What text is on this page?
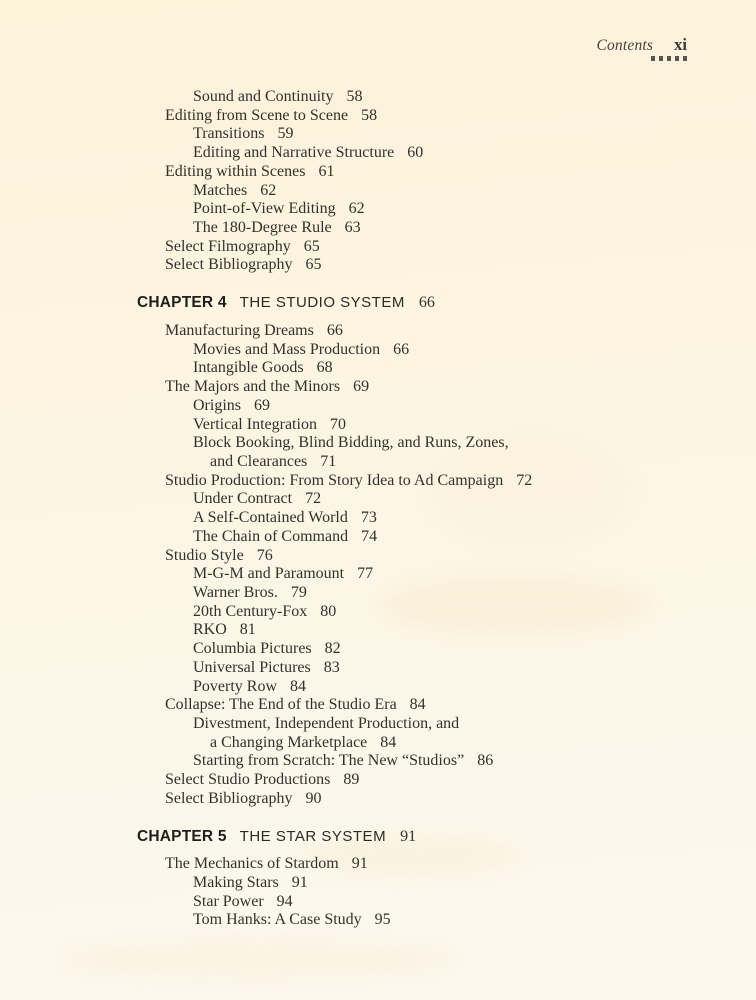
Contents xi
Sound and Continuity 58
Editing from Scene to Scene 58
Transitions 59
Editing and Narrative Structure 60
Editing within Scenes 61
Matches 62
Point-of-View Editing 62
The 180-Degree Rule 63
Select Filmography 65
Select Bibliography 65
CHAPTER 4 THE STUDIO SYSTEM 66
Manufacturing Dreams 66
Movies and Mass Production 66
Intangible Goods 68
The Majors and the Minors 69
Origins 69
Vertical Integration 70
Block Booking, Blind Bidding, and Runs, Zones,
and Clearances 71
Studio Production: From Story Idea to Ad Campaign 72
Under Contract 72
A Self-Contained World 73
The Chain of Command 74
Studio Style 76
M-G-M and Paramount 77
Warner Bros. 79
20th Century-Fox 80
RKO 81
Columbia Pictures 82
Universal Pictures 83
Poverty Row 84
Collapse: The End of the Studio Era 84
Divestment, Independent Production, and
a Changing Marketplace 84
Starting from Scratch: The New “Studios” 86
Select Studio Productions 89
Select Bibliography 90
CHAPTER 5 THE STAR SYSTEM 91
The Mechanics of Stardom 91
Making Stars 91
Star Power 94
Tom Hanks: A Case Study 95
